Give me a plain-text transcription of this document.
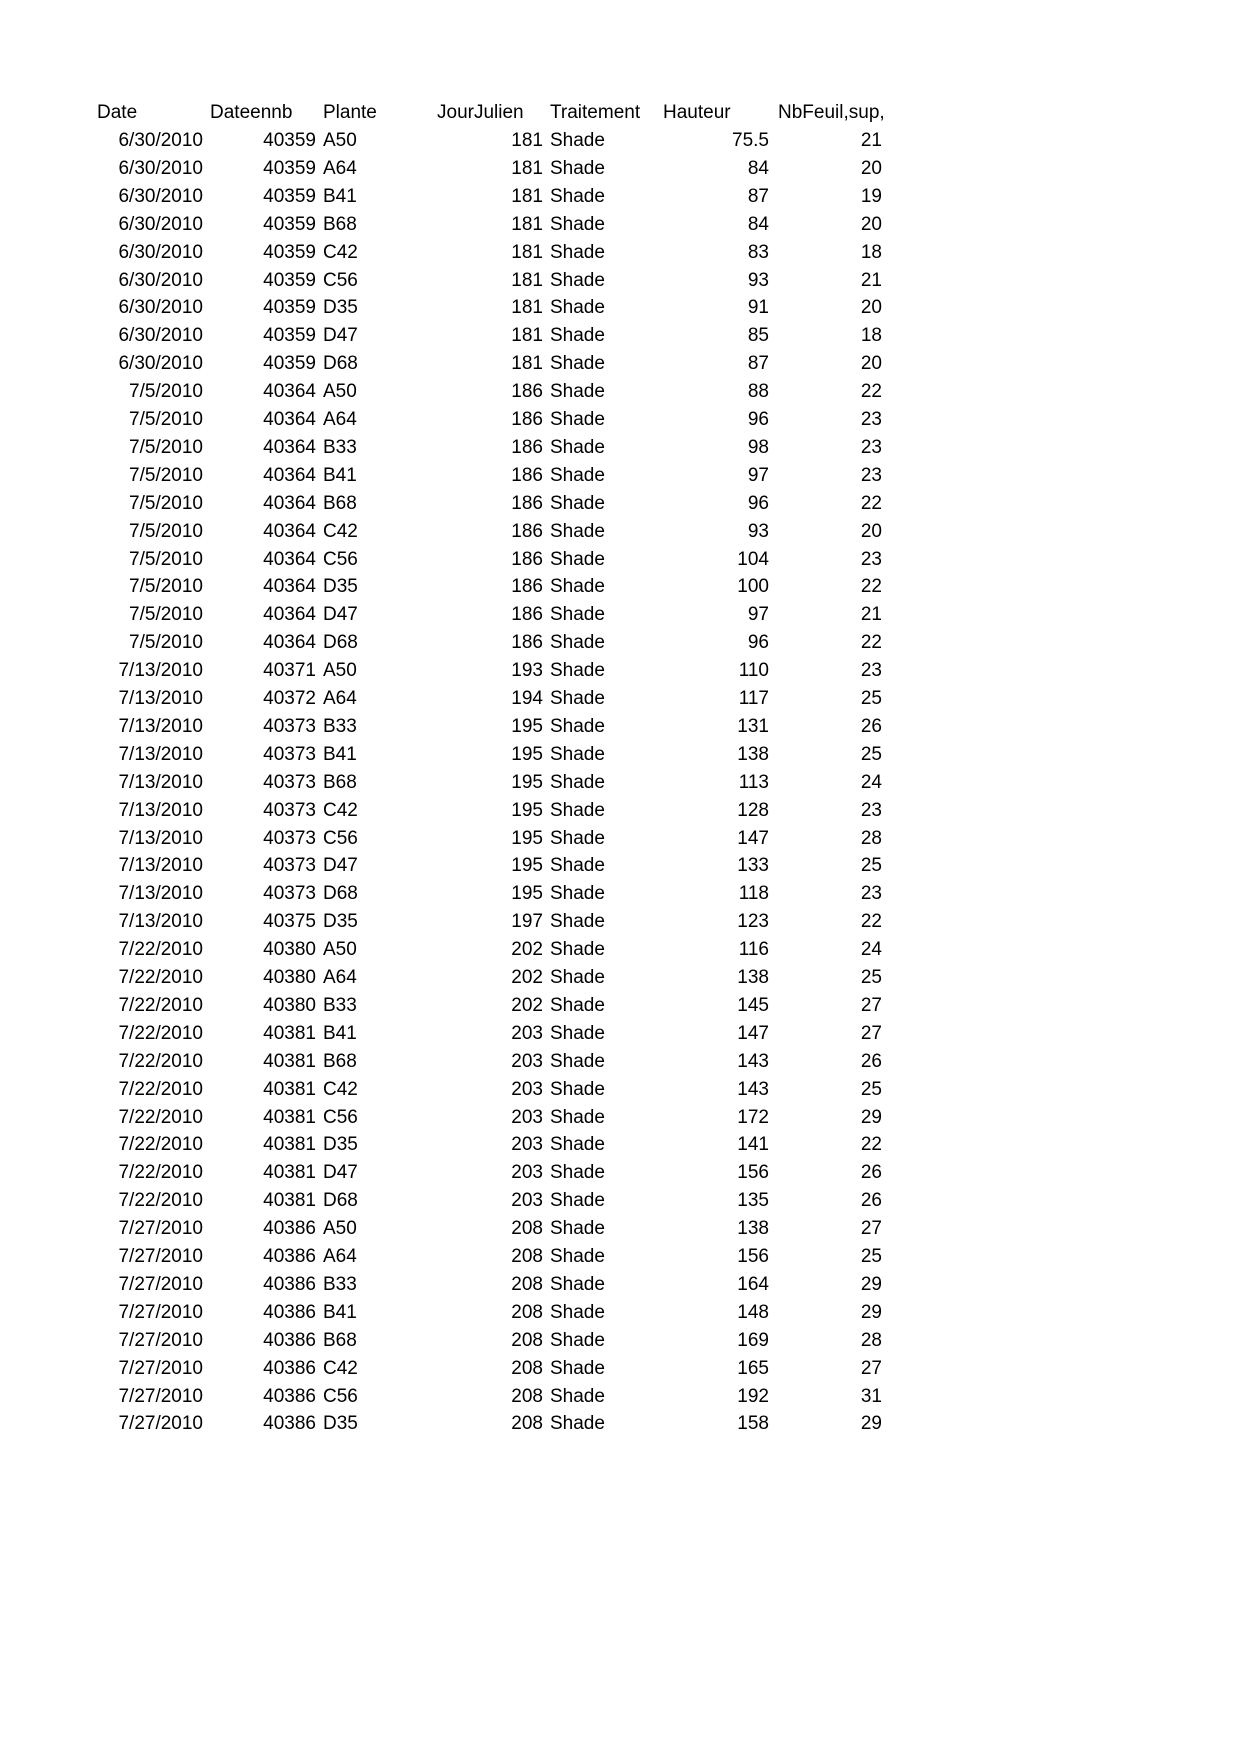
Date	Dateennb	Plante	JourJulien	Traitement	Hauteur	NbFeuil,sup,
6/30/2010	40359 A50	181 Shade	75.5	21
6/30/2010	40359 A64	181 Shade	84	20
6/30/2010	40359 B41	181 Shade	87	19
6/30/2010	40359 B68	181 Shade	84	20
6/30/2010	40359 C42	181 Shade	83	18
6/30/2010	40359 C56	181 Shade	93	21
6/30/2010	40359 D35	181 Shade	91	20
6/30/2010	40359 D47	181 Shade	85	18
6/30/2010	40359 D68	181 Shade	87	20
7/5/2010	40364 A50	186 Shade	88	22
7/5/2010	40364 A64	186 Shade	96	23
7/5/2010	40364 B33	186 Shade	98	23
7/5/2010	40364 B41	186 Shade	97	23
7/5/2010	40364 B68	186 Shade	96	22
7/5/2010	40364 C42	186 Shade	93	20
7/5/2010	40364 C56	186 Shade	104	23
7/5/2010	40364 D35	186 Shade	100	22
7/5/2010	40364 D47	186 Shade	97	21
7/5/2010	40364 D68	186 Shade	96	22
7/13/2010	40371 A50	193 Shade	110	23
7/13/2010	40372 A64	194 Shade	117	25
7/13/2010	40373 B33	195 Shade	131	26
7/13/2010	40373 B41	195 Shade	138	25
7/13/2010	40373 B68	195 Shade	113	24
7/13/2010	40373 C42	195 Shade	128	23
7/13/2010	40373 C56	195 Shade	147	28
7/13/2010	40373 D47	195 Shade	133	25
7/13/2010	40373 D68	195 Shade	118	23
7/13/2010	40375 D35	197 Shade	123	22
7/22/2010	40380 A50	202 Shade	116	24
7/22/2010	40380 A64	202 Shade	138	25
7/22/2010	40380 B33	202 Shade	145	27
7/22/2010	40381 B41	203 Shade	147	27
7/22/2010	40381 B68	203 Shade	143	26
7/22/2010	40381 C42	203 Shade	143	25
7/22/2010	40381 C56	203 Shade	172	29
7/22/2010	40381 D35	203 Shade	141	22
7/22/2010	40381 D47	203 Shade	156	26
7/22/2010	40381 D68	203 Shade	135	26
7/27/2010	40386 A50	208 Shade	138	27
7/27/2010	40386 A64	208 Shade	156	25
7/27/2010	40386 B33	208 Shade	164	29
7/27/2010	40386 B41	208 Shade	148	29
7/27/2010	40386 B68	208 Shade	169	28
7/27/2010	40386 C42	208 Shade	165	27
7/27/2010	40386 C56	208 Shade	192	31
7/27/2010	40386 D35	208 Shade	158	29
